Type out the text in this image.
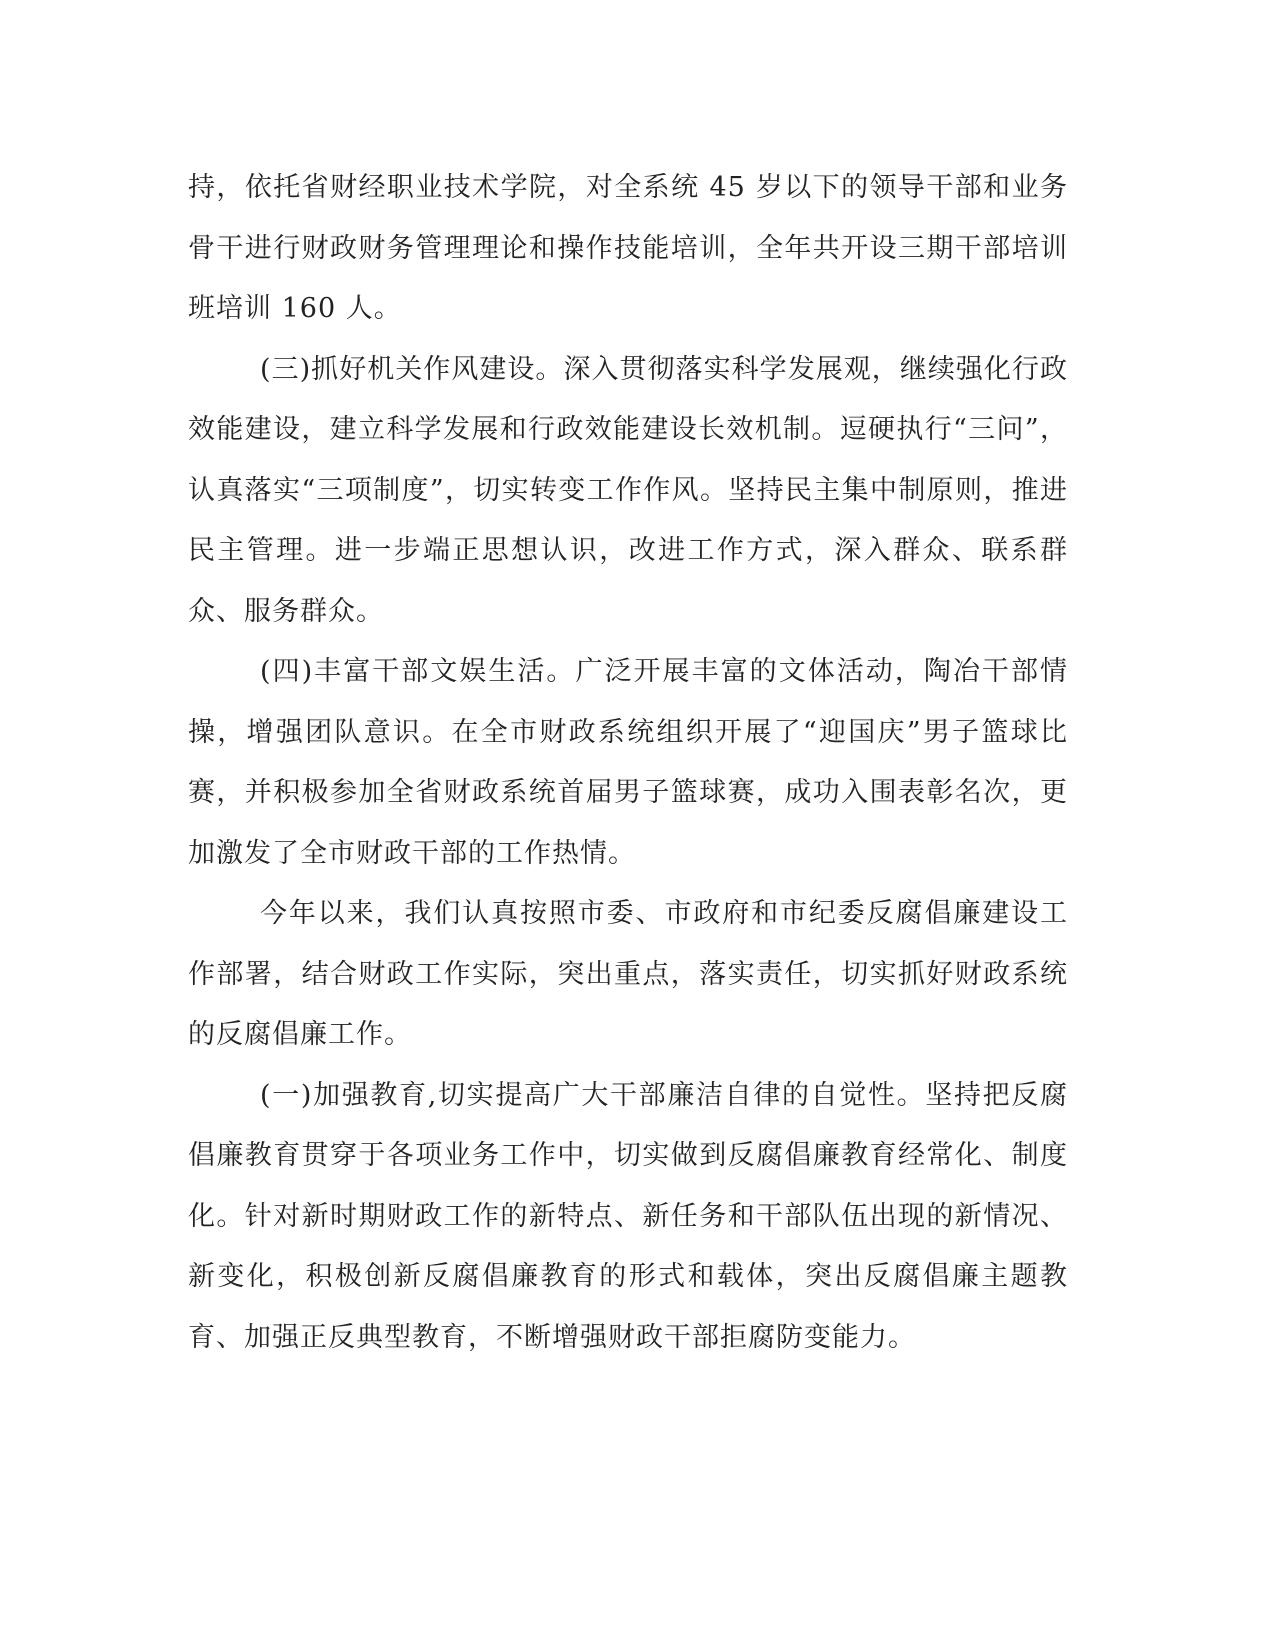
持，依托省财经职业技术学院，对全系统 45 岁以下的领导干部和业务骨干进行财政财务管理理论和操作技能培训，全年共开设三期干部培训班培训 160 人。

(三)抓好机关作风建设。深入贯彻落实科学发展观，继续强化行政效能建设，建立科学发展和行政效能建设长效机制。逗硬执行“三问”，认真落实“三项制度”，切实转变工作作风。坚持民主集中制原则，推进民主管理。进一步端正思想认识，改进工作方式，深入群众、联系群众、服务群众。

(四)丰富干部文娱生活。广泛开展丰富的文体活动，陶冶干部情操，增强团队意识。在全市财政系统组织开展了“迎国庆”男子篮球比赛，并积极参加全省财政系统首届男子篮球赛，成功入围表彰名次，更加激发了全市财政干部的工作热情。

今年以来，我们认真按照市委、市政府和市纪委反腐倡廉建设工作部署，结合财政工作实际，突出重点，落实责任，切实抓好财政系统的反腐倡廉工作。

(一)加强教育,切实提高广大干部廉洁自律的自觉性。坚持把反腐倡廉教育贯穿于各项业务工作中，切实做到反腐倡廉教育经常化、制度化。针对新时期财政工作的新特点、新任务和干部队伍出现的新情况、新变化，积极创新反腐倡廉教育的形式和载体，突出反腐倡廉主题教育、加强正反典型教育，不断增强财政干部拒腐防变能力。
